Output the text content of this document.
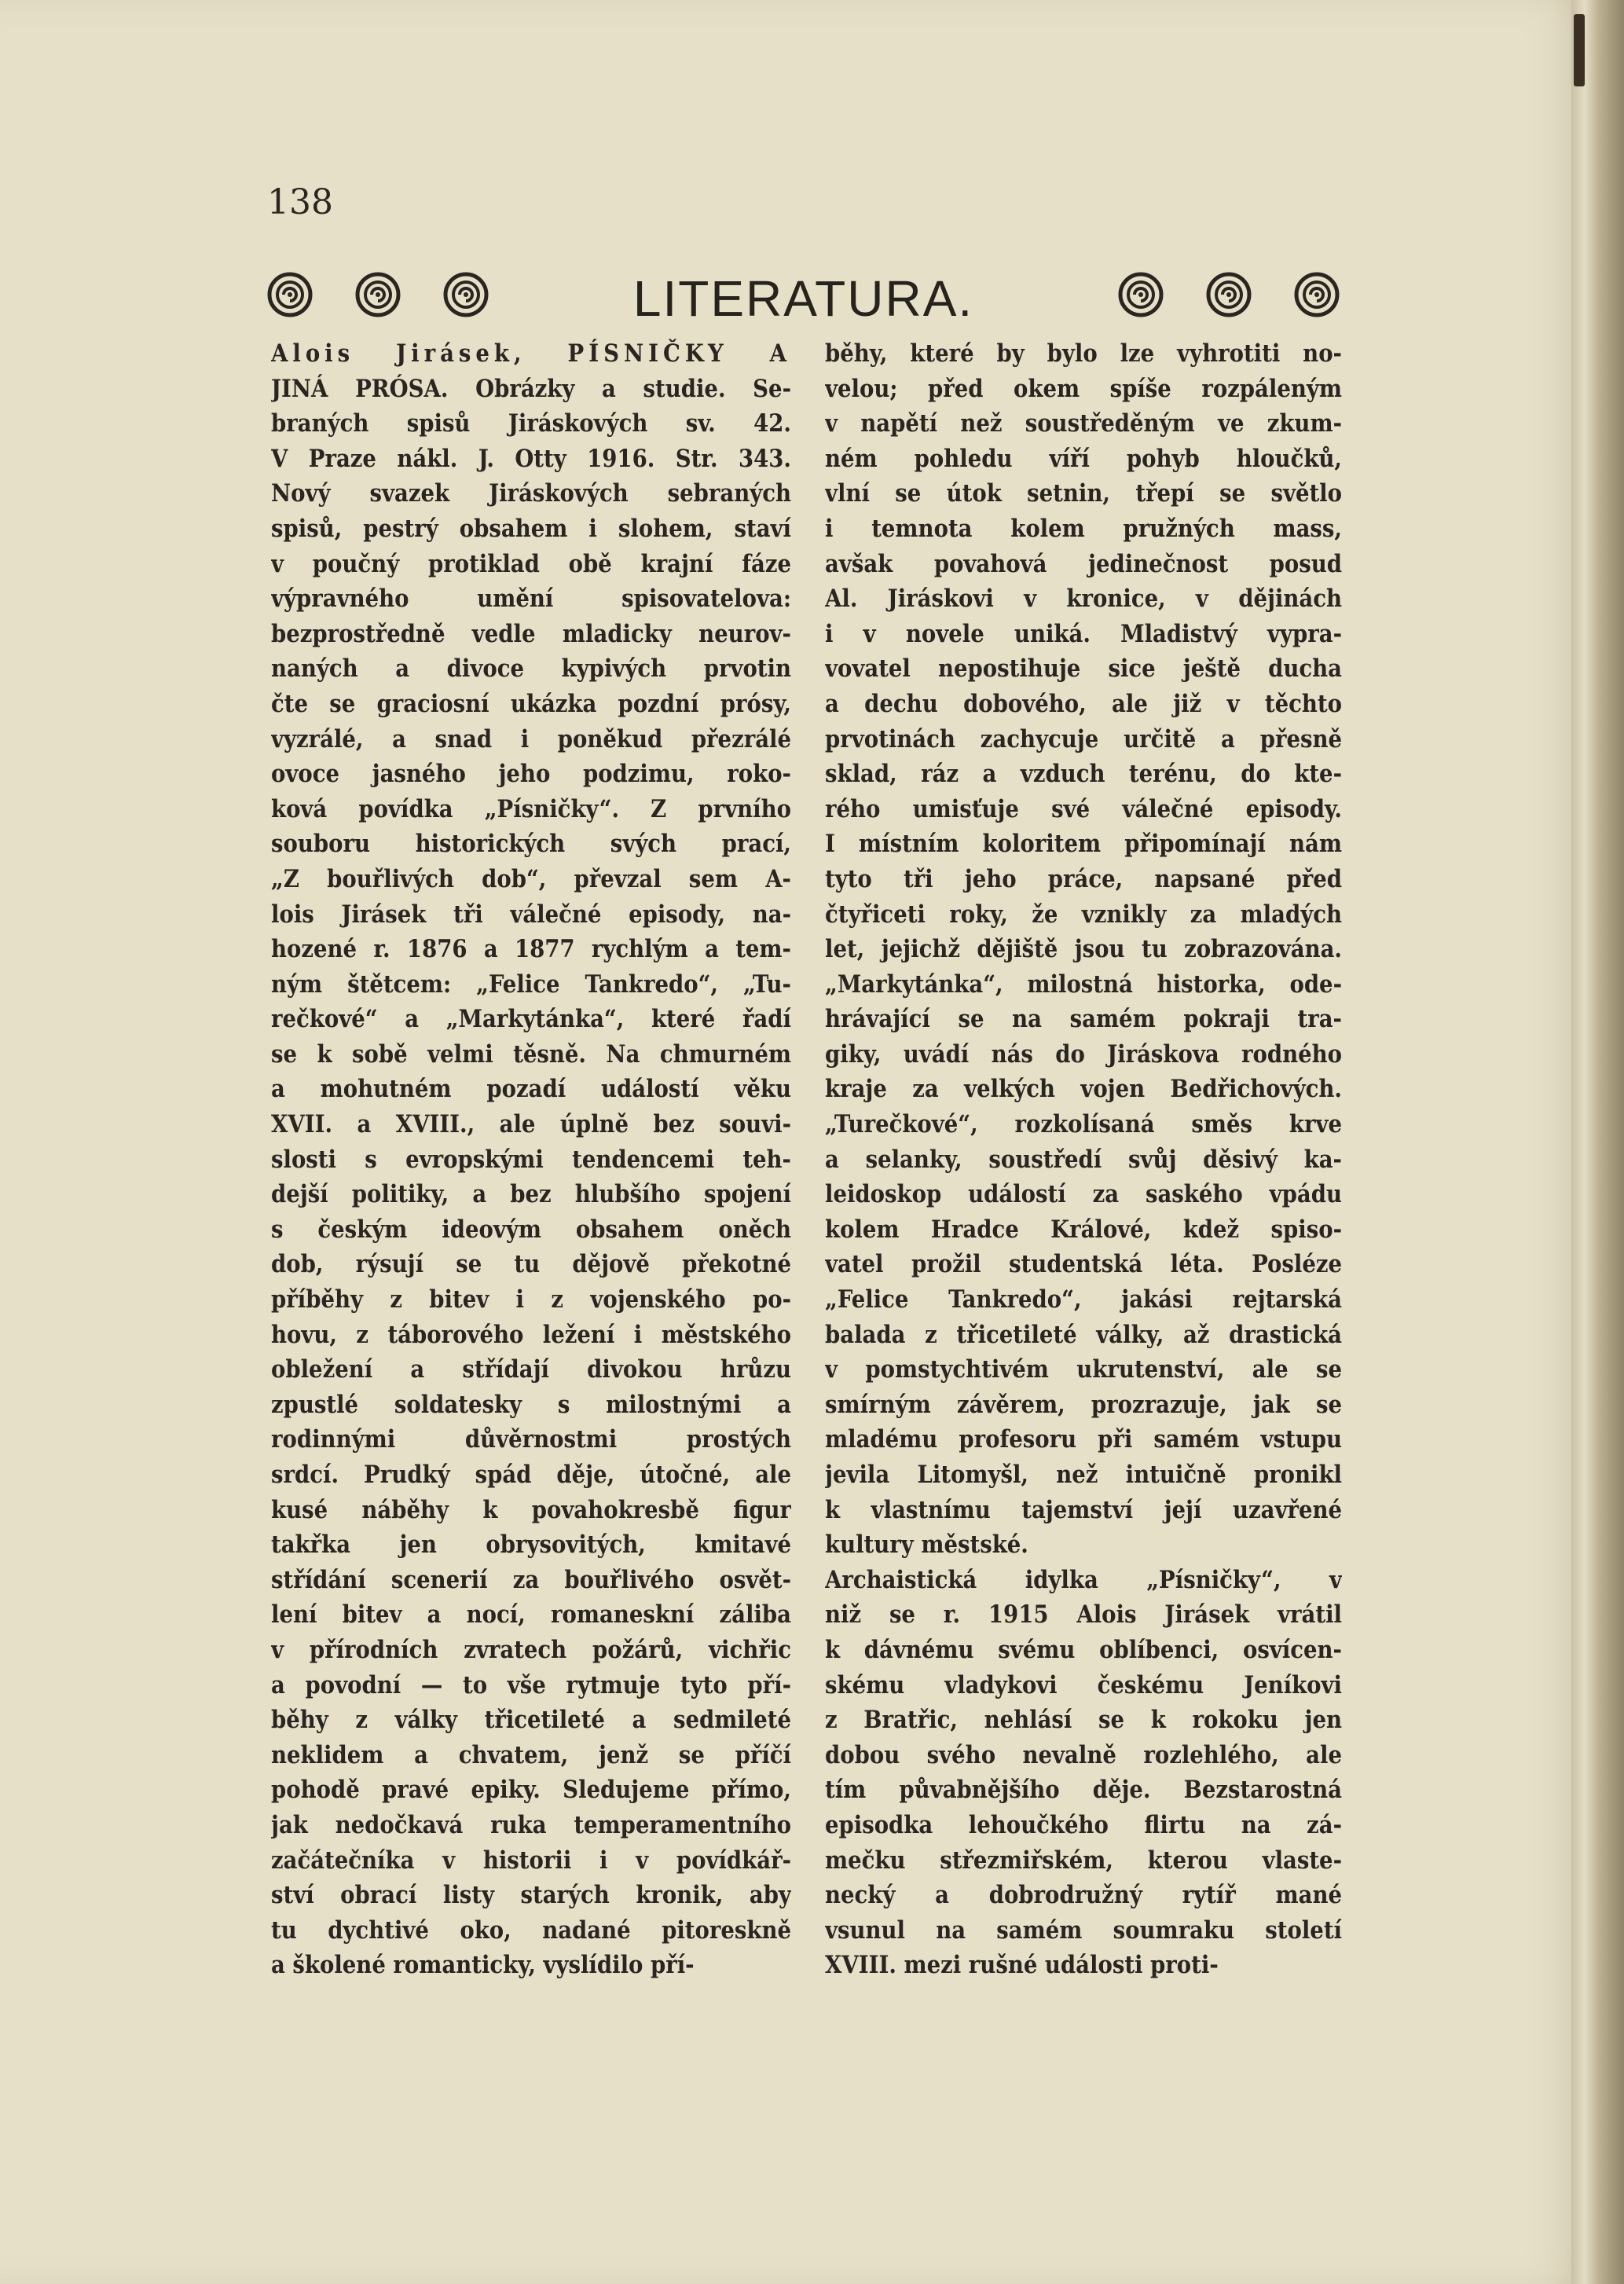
138
LITERATURA.
Alois Jirásek, PÍSNIČKY A
JINÁ PRÓSA. Obrázky a studie. Se-
braných spisů Jiráskových sv. 42.
V Praze nákl. J. Otty 1916. Str. 343.
Nový svazek Jiráskových sebraných
spisů, pestrý obsahem i slohem, staví
v poučný protiklad obě krajní fáze
výpravného umění spisovatelova:
bezprostředně vedle mladicky neurov-
naných a divoce kypivých prvotin
čte se graciosní ukázka pozdní prósy,
vyzrálé, a snad i poněkud přezrálé
ovoce jasného jeho podzimu, roko-
ková povídka „Písničky“. Z prvního
souboru historických svých prací,
„Z bouřlivých dob“, převzal sem A-
lois Jirásek tři válečné episody, na-
hozené r. 1876 a 1877 rychlým a tem-
ným štětcem: „Felice Tankredo“, „Tu-
rečkové“ a „Markytánka“, které řadí
se k sobě velmi těsně. Na chmurném
a mohutném pozadí událostí věku
XVII. a XVIII., ale úplně bez souvi-
slosti s evropskými tendencemi teh-
dejší politiky, a bez hlubšího spojení
s českým ideovým obsahem oněch
dob, rýsují se tu dějově překotné
příběhy z bitev i z vojenského po-
hovu, z táborového ležení i městského
obležení a střídají divokou hrůzu
zpustlé soldatesky s milostnými a
rodinnými důvěrnostmi prostých
srdcí. Prudký spád děje, útočné, ale
kusé náběhy k povahokresbě figur
takřka jen obrysovitých, kmitavé
střídání scenerií za bouřlivého osvět-
lení bitev a nocí, romaneskní záliba
v přírodních zvratech požárů, vichřic
a povodní — to vše rytmuje tyto pří-
běhy z války třicetileté a sedmileté
neklidem a chvatem, jenž se příčí
pohodě pravé epiky. Sledujeme přímo,
jak nedočkavá ruka temperamentního
začátečníka v historii i v povídkář-
ství obrací listy starých kronik, aby
tu dychtivé oko, nadané pitoreskně
a školené romanticky, vyslídilo pří-
běhy, které by bylo lze vyhrotiti no-
velou; před okem spíše rozpáleným
v napětí než soustředěným ve zkum-
ném pohledu víří pohyb hloučků,
vlní se útok setnin, třepí se světlo
i temnota kolem pružných mass,
avšak povahová jedinečnost posud
Al. Jiráskovi v kronice, v dějinách
i v novele uniká. Mladistvý vypra-
vovatel nepostihuje sice ještě ducha
a dechu dobového, ale již v těchto
prvotinách zachycuje určitě a přesně
sklad, ráz a vzduch terénu, do kte-
rého umisťuje své válečné episody.
I místním koloritem připomínají nám
tyto tři jeho práce, napsané před
čtyřiceti roky, že vznikly za mladých
let, jejichž dějiště jsou tu zobrazována.
„Markytánka“, milostná historka, ode-
hrávající se na samém pokraji tra-
giky, uvádí nás do Jiráskova rodného
kraje za velkých vojen Bedřichových.
„Turečkové“, rozkolísaná směs krve
a selanky, soustředí svůj děsivý ka-
leidoskop událostí za saského vpádu
kolem Hradce Králové, kdež spiso-
vatel prožil studentská léta. Posléze
„Felice Tankredo“, jakási rejtarská
balada z třicetileté války, až drastická
v pomstychtivém ukrutenství, ale se
smírným závěrem, prozrazuje, jak se
mladému profesoru při samém vstupu
jevila Litomyšl, než intuičně pronikl
k vlastnímu tajemství její uzavřené
kultury městské.
Archaistická idylka „Písničky“, v
niž se r. 1915 Alois Jirásek vrátil
k dávnému svému oblíbenci, osvícen-
skému vladykovi českému Jeníkovi
z Bratřic, nehlásí se k rokoku jen
dobou svého nevalně rozlehlého, ale
tím půvabnějšího děje. Bezstarostná
episodka lehoučkého flirtu na zá-
mečku střezmiřském, kterou vlaste-
necký a dobrodružný rytíř mané
vsunul na samém soumraku století
XVIII. mezi rušné události proti-
